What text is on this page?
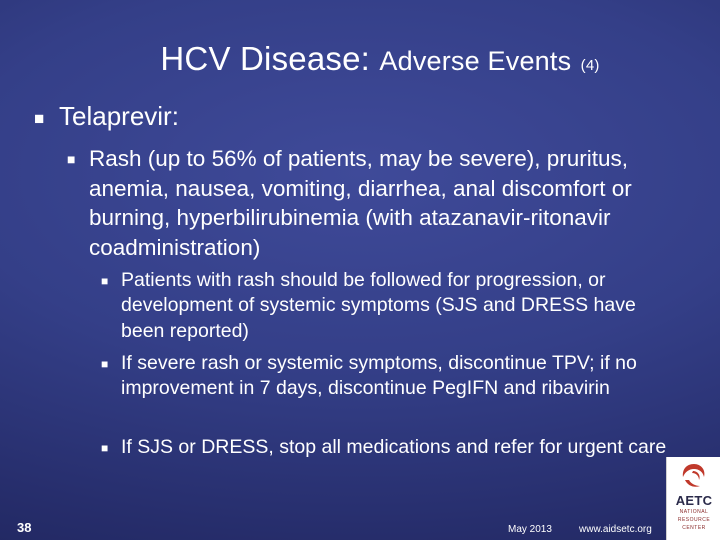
HCV Disease: Adverse Events (4)
■ Telaprevir:
■ Rash (up to 56% of patients, may be severe), pruritus, anemia, nausea, vomiting, diarrhea, anal discomfort or burning, hyperbilirubinemia (with atazanavir-ritonavir coadministration)
■ Patients with rash should be followed for progression, or development of systemic symptoms (SJS and DRESS have been reported)
■ If severe rash or systemic symptoms, discontinue TPV; if no improvement in 7 days, discontinue PegIFN and ribavirin
■ If SJS or DRESS, stop all medications and refer for urgent care
38	May 2013	www.aidsetc.org
AETC
NATIONAL
RESOURCE
CENTER
